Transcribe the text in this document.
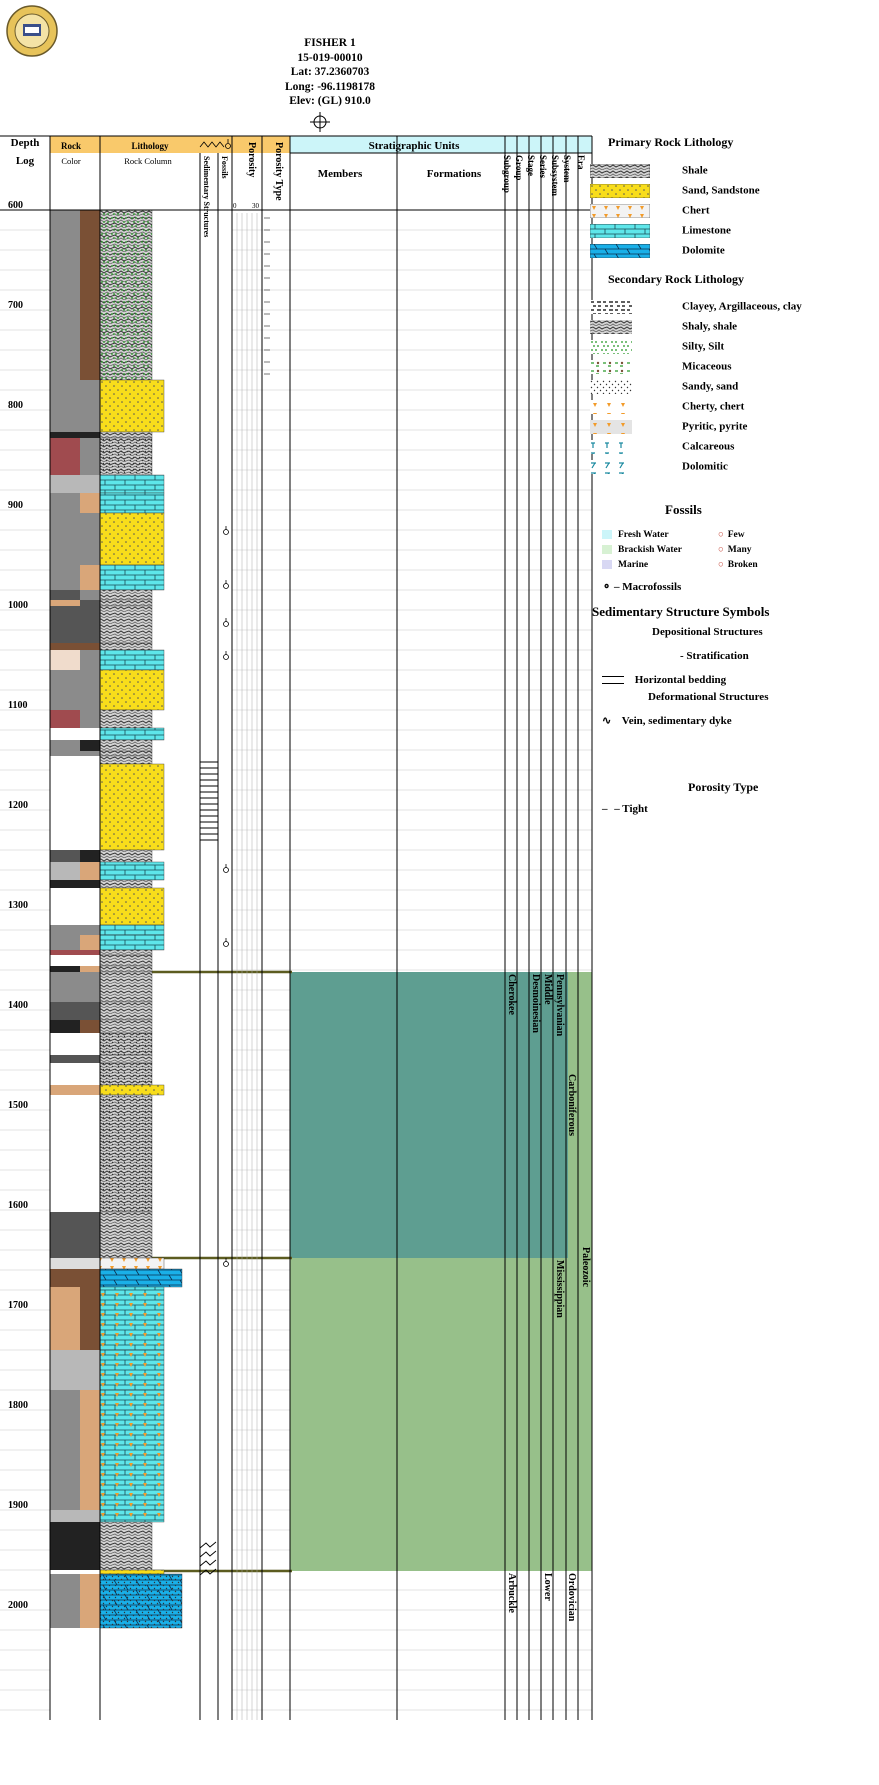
FISHER 1
15-019-00010
Lat: 37.2360703
Long: -96.1198178
Elev: (GL) 910.0
Depth
Log
Rock
Color
Lithology
Rock Column
Stratigraphic Units
Members	Formations
Sedimentary Structures Fossils Porosity Porosity Type
0 30
Subgroup Group Stage Series Subsystem System Era
600
700
800
900
1000
1100
1200
1300
1400
1500
1600
1700
1800
1900
2000
Cherokee
Arbuckle
Desmoinesian Middle
Lower
Pennsylvanian
Mississippian
Carboniferous
Ordovician
Paleozoic
Primary Rock Lithology
Shale
Sand, Sandstone
Chert
Limestone
Dolomite
Secondary Rock Lithology
Clayey, Argillaceous, clay
Shaly, shale
Silty, Silt
Micaceous
Sandy, sand
Cherty, chert
Pyritic, pyrite
Calcareous
Dolomitic
Fossils
Fresh Water
Brackish Water
Marine
○ Few
○ Many
○ Broken
⚬ – Macrofossils
Sedimentary Structure Symbols
Depositional Structures
- Stratification
Horizontal bedding
Deformational Structures
∿ Vein, sedimentary dyke
Porosity Type
– – Tight
